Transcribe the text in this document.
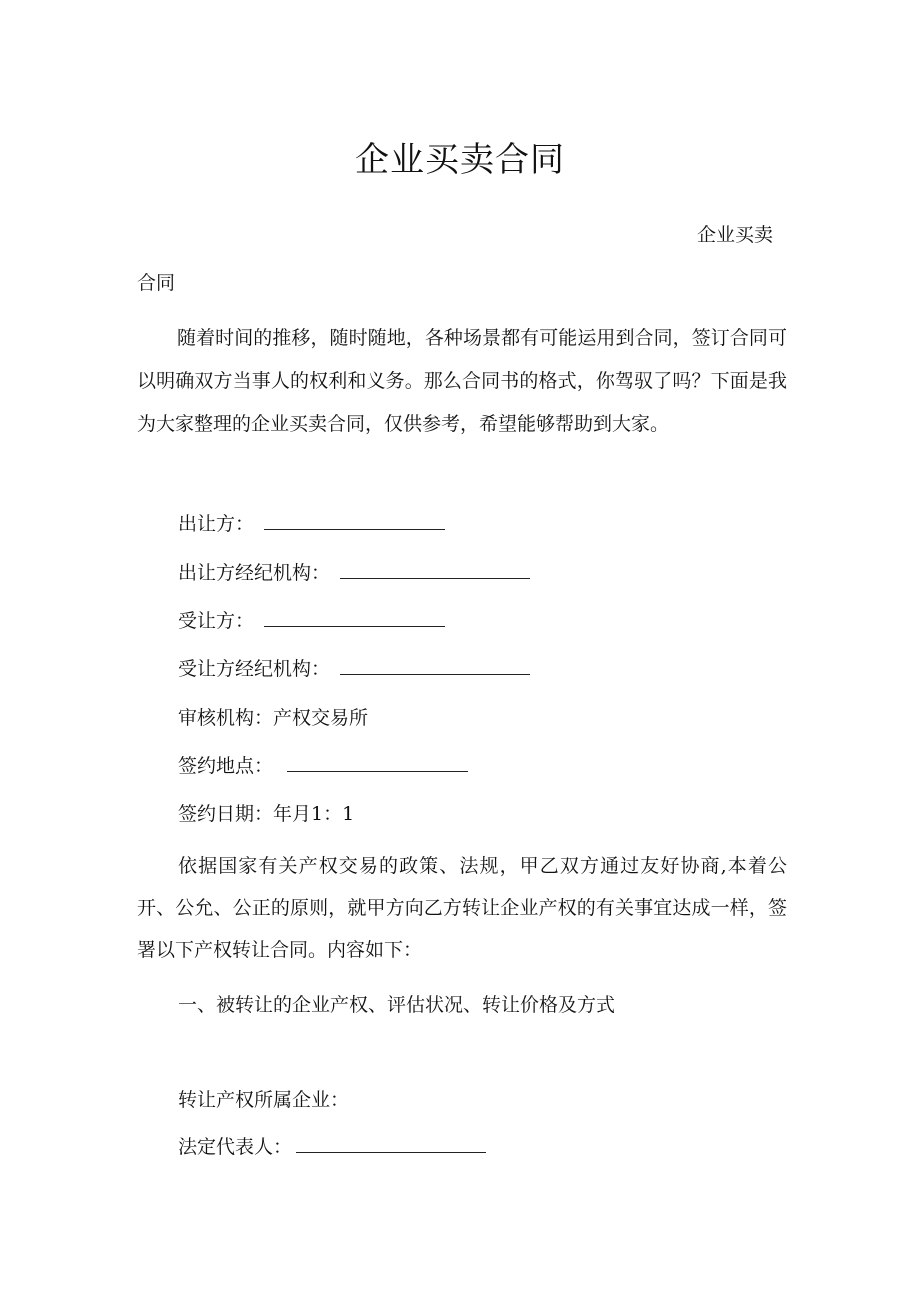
企业买卖合同
企业买卖
合同

随着时间的推移，随时随地，各种场景都有可能运用到合同，签订合同可以明确双方当事人的权利和义务。那么合同书的格式，你驾驭了吗？下面是我为大家整理的企业买卖合同，仅供参考，希望能够帮助到大家。

出让方：
出让方经纪机构：
受让方：
受让方经纪机构：
审核机构：产权交易所
签约地点：
签约日期：年月1：1

依据国家有关产权交易的政策、法规，甲乙双方通过友好协商,本着公开、公允、公正的原则，就甲方向乙方转让企业产权的有关事宜达成一样，签署以下产权转让合同。内容如下：

一、被转让的企业产权、评估状况、转让价格及方式
转让产权所属企业：
法定代表人：
